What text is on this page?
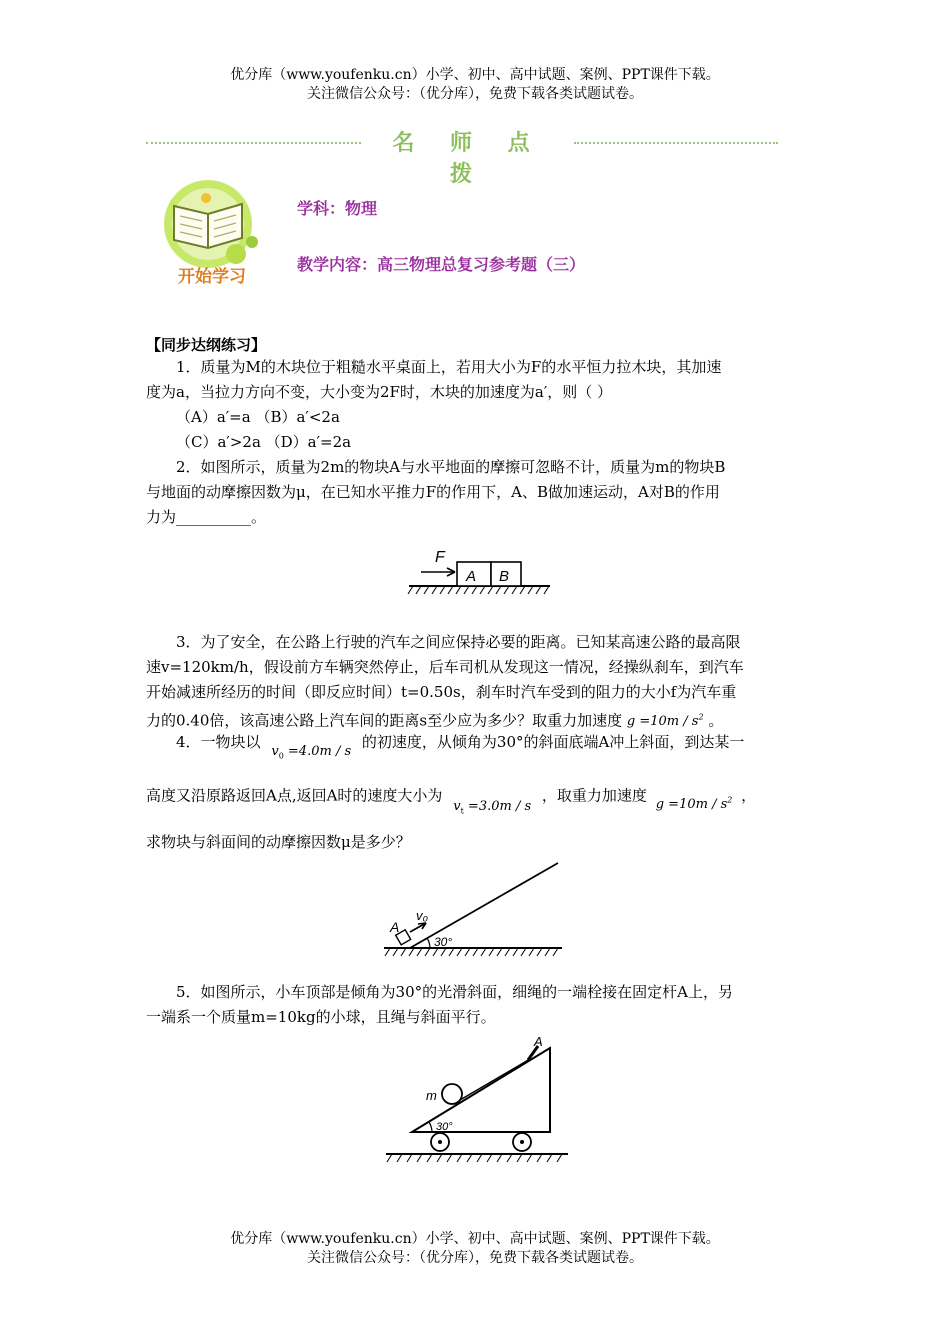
优分库（www.youfenku.cn）小学、初中、高中试题、案例、PPT课件下载。
关注微信公众号：（优分库），免费下载各类试题试卷。
名 师 点 拨
开始学习
学科：物理
教学内容：高三物理总复习参考题（三）
【同步达纲练习】
1．质量为M的木块位于粗糙水平桌面上，若用大小为F的水平恒力拉木块，其加速
度为a，当拉力方向不变，大小变为2F时，木块的加速度为a′，则（ ）
（A）a′=a （B）a′<2a
（C）a′>2a （D）a′=2a
2．如图所示，质量为2m的物块A与水平地面的摩擦可忽略不计，质量为m的物块B
与地面的动摩擦因数为μ，在已知水平推力F的作用下，A、B做加速运动，A对B的作用
力为__________。
F
A B
3．为了安全，在公路上行驶的汽车之间应保持必要的距离。已知某高速公路的最高限
速v=120km/h，假设前方车辆突然停止，后车司机从发现这一情况，经操纵刹车，到汽车
开始减速所经历的时间（即反应时间）t=0.50s，刹车时汽车受到的阻力的大小f为汽车重
力的0.40倍，该高速公路上汽车间的距离s至少应为多少？取重力加速度 $g =10m / s^2$ 。
4．一物块以 $v_0 =4.0m / s$ 的初速度，从倾角为30°的斜面底端A冲上斜面，到达某一
高度又沿原路返回A点,返回A时的速度大小为 $v_t =3.0m / s$ ，取重力加速度 $g =10m / s^2$ ，
求物块与斜面间的动摩擦因数μ是多少？
A
v₀
30°
5．如图所示，小车顶部是倾角为30°的光滑斜面，细绳的一端栓接在固定杆A上，另
一端系一个质量m=10kg的小球，且绳与斜面平行。
m
A
30°
优分库（www.youfenku.cn）小学、初中、高中试题、案例、PPT课件下载。
关注微信公众号：（优分库），免费下载各类试题试卷。
